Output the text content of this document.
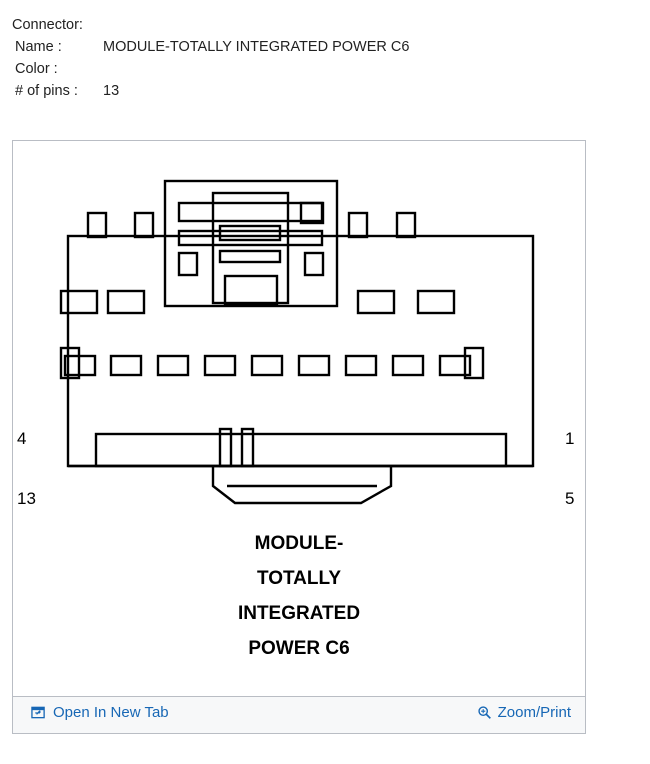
Connector:
Name :	MODULE-TOTALLY INTEGRATED POWER C6
Color :
# of pins :	13
4
13
1
5
MODULE-
TOTALLY
INTEGRATED
POWER C6
Open In New Tab	Zoom/Print
